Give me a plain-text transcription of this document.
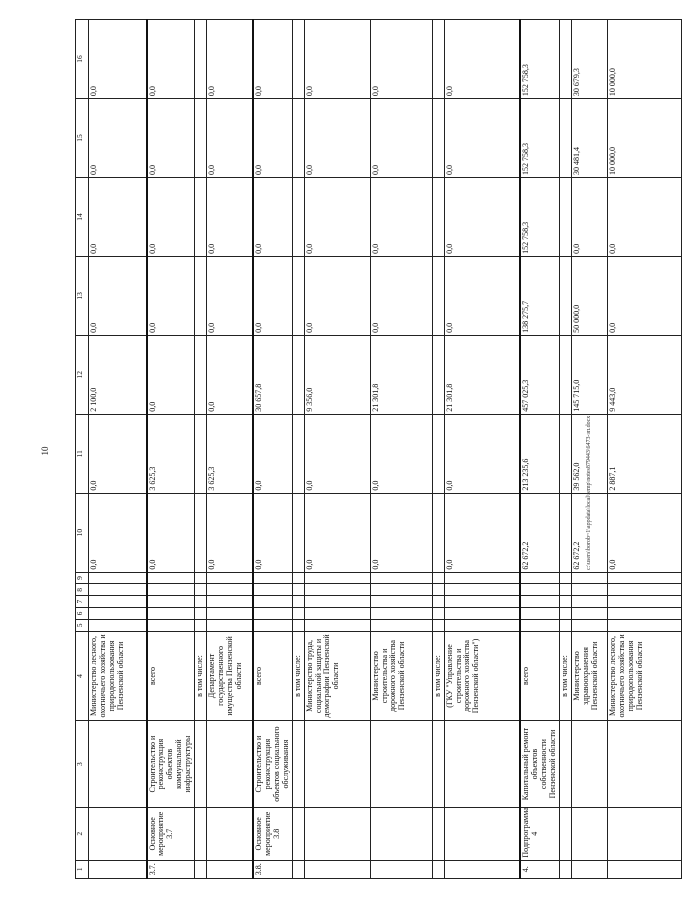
10
1	2	3	4	5	6	7	8	9	10	11	12	13	14	15	16
			Министерство лесного, охотничьего хозяйства и природопользования Пензенской области						0,0	0,0	2 100,0	0,0	0,0	0,0	0,0
3.7.	Основное мероприятие 3.7	Строительство и реконструкция объектов коммунальной инфраструктуры	всего						0,0	3 625,3	0,0	0,0	0,0	0,0	0,0
			в том числе:												
			Департамент государственного имущества Пензенской области						0,0	3 625,3	0,0	0,0	0,0	0,0	0,0
3.8.	Основное мероприятие 3.8	Строительство и реконструкция объектов социального обслуживания	всего						0,0	0,0	30 657,8	0,0	0,0	0,0	0,0
			в том числе:												
			Министерство труда, социальной защиты и демографии Пензенской области						0,0	0,0	9 356,0	0,0	0,0	0,0	0,0
			Министерство строительства и дорожного хозяйства Пензенской области						0,0	0,0	21 301,8	0,0	0,0	0,0	0,0
			в том числе:												
			(ГКУ "Управление строительства и дорожного хозяйства Пензенской области")						0,0	0,0	21 301,8	0,0	0,0	0,0	0,0
4.	Подпрограмма 4	Капитальный ремонт объектов собственности Пензенской области	всего						62 672,2	213 235,6	457 025,3	138 275,7	152 758,3	152 758,3	152 758,3
			в том числе:												
			Министерство здравоохранения Пензенской области						62 672,2	39 562,0	145 715,0	50 000,0	0,0	30 481,4	30 679,3
			Министерство лесного, охотничьего хозяйства и природопользования Пензенской области						0,0	2 887,1	9 443,0	0,0	0,0	10 000,0	10 000,0
c:\users\borob~1\appdata\local\temp\notes879443\6473-зп.docx
